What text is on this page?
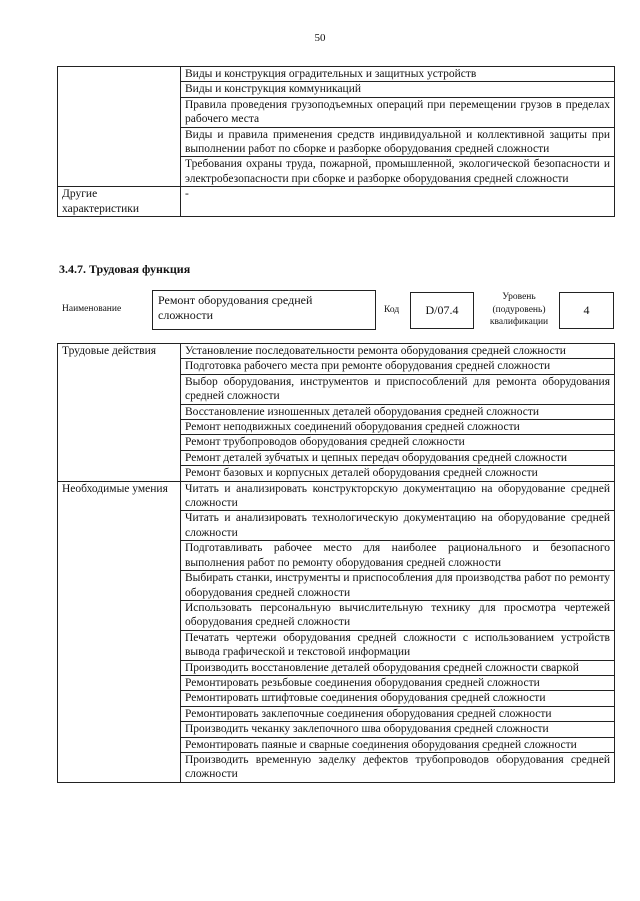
50
	Виды и конструкция оградительных и защитных устройств
	Виды и конструкция коммуникаций
	Правила проведения грузоподъемных операций при перемещении грузов в пределах рабочего места
	Виды и правила применения средств индивидуальной и коллективной защиты при выполнении работ по сборке и разборке оборудования средней сложности
	Требования охраны труда, пожарной, промышленной, экологической безопасности и электробезопасности при сборке и разборке оборудования средней сложности
Другие характеристики	-
3.4.7. Трудовая функция
Наименование
Ремонт оборудования средней сложности	Код	D/07.4
Уровень
(подуровень)
квалификации
4
Трудовые действия	Установление последовательности ремонта оборудования средней сложности
	Подготовка рабочего места при ремонте оборудования средней сложности
	Выбор оборудования, инструментов и приспособлений для ремонта оборудования средней сложности
	Восстановление изношенных деталей оборудования средней сложности
	Ремонт неподвижных соединений оборудования средней сложности
	Ремонт трубопроводов оборудования средней сложности
	Ремонт деталей зубчатых и цепных передач оборудования средней сложности
	Ремонт базовых и корпусных деталей оборудования средней сложности
Необходимые умения	Читать и анализировать конструкторскую документацию на оборудование средней сложности
	Читать и анализировать технологическую документацию на оборудование средней сложности
	Подготавливать рабочее место для наиболее рационального и безопасного выполнения работ по ремонту оборудования средней сложности
	Выбирать станки, инструменты и приспособления для производства работ по ремонту оборудования средней сложности
	Использовать персональную вычислительную технику для просмотра чертежей оборудования средней сложности
	Печатать чертежи оборудования средней сложности с использованием устройств вывода графической и текстовой информации
	Производить восстановление деталей оборудования средней сложности сваркой
	Ремонтировать резьбовые соединения оборудования средней сложности
	Ремонтировать штифтовые соединения оборудования средней сложности
	Ремонтировать заклепочные соединения оборудования средней сложности
	Производить чеканку заклепочного шва оборудования средней сложности
	Ремонтировать паяные и сварные соединения оборудования средней сложности
	Производить временную заделку дефектов трубопроводов оборудования средней сложности
